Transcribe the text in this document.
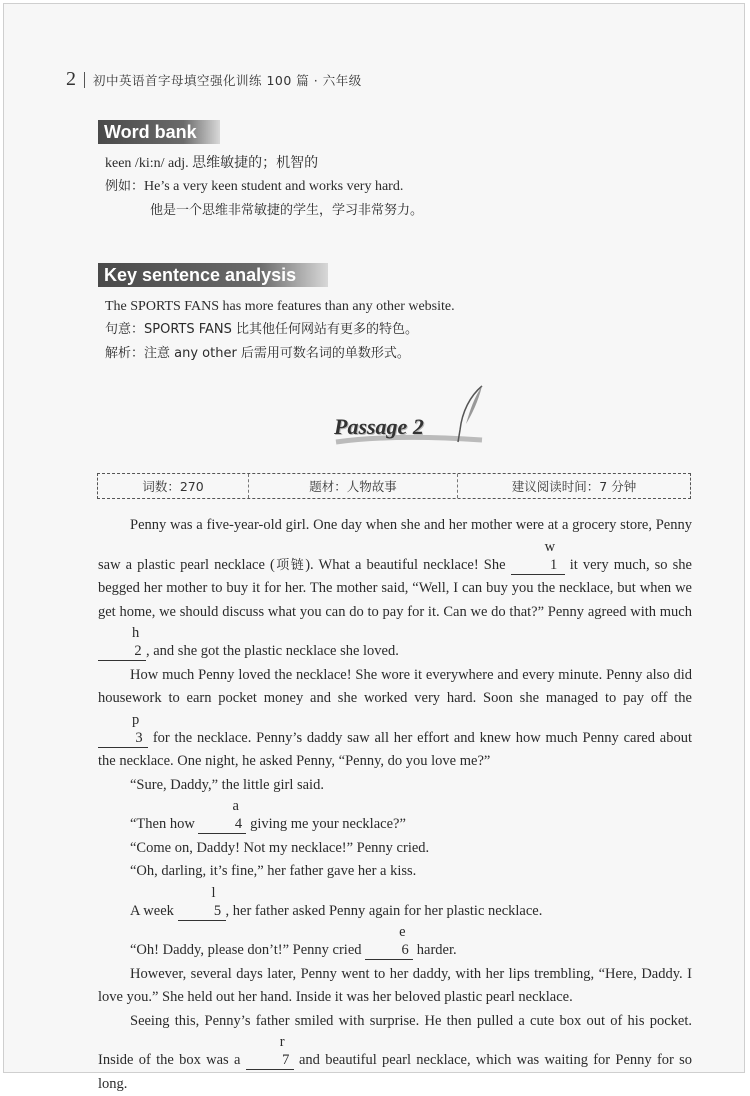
2 初中英语首字母填空强化训练 100 篇 · 六年级
Word bank
keen /ki:n/ adj. 思维敏捷的；机智的
例如：He’s a very keen student and works very hard.
他是一个思维非常敏捷的学生，学习非常努力。
Key sentence analysis
The SPORTS FANS has more features than any other website.
句意：SPORTS FANS 比其他任何网站有更多的特色。
解析：注意 any other 后需用可数名词的单数形式。
Passage 2
词数：270	题材：人物故事	建议阅读时间：7 分钟

Penny was a five-year-old girl. One day when she and her mother were at a grocery store, Penny saw a plastic pearl necklace (项链). What a beautiful necklace! She
w
1 it very much, so she begged her mother to buy it for her. The mother said, “Well, I can buy you the necklace, but when we get home, we should discuss what you can do to pay for it. Can we do that?” Penny agreed with much
h
2 , and she got the plastic necklace she loved.

How much Penny loved the necklace! She wore it everywhere and every minute. Penny also did housework to earn pocket money and she worked very hard. Soon she managed to pay off the
p
3 for the necklace. Penny’s daddy saw all her effort and knew how much Penny cared about the necklace. One night, he asked Penny, “Penny, do you love me?”

“Sure, Daddy,” the little girl said.

“Then how
a
4 giving me your necklace?”

“Come on, Daddy! Not my necklace!” Penny cried.

“Oh, darling, it’s fine,” her father gave her a kiss.

A week
l
5 , her father asked Penny again for her plastic necklace.

“Oh! Daddy, please don’t!” Penny cried
e
6 harder.

However, several days later, Penny went to her daddy, with her lips trembling, “Here, Daddy. I love you.” She held out her hand. Inside it was her beloved plastic pearl necklace.

Seeing this, Penny’s father smiled with surprise. He then pulled a cute box out of his pocket. Inside of the box was a
r
7 and beautiful pearl necklace, which was waiting for Penny for so long.
